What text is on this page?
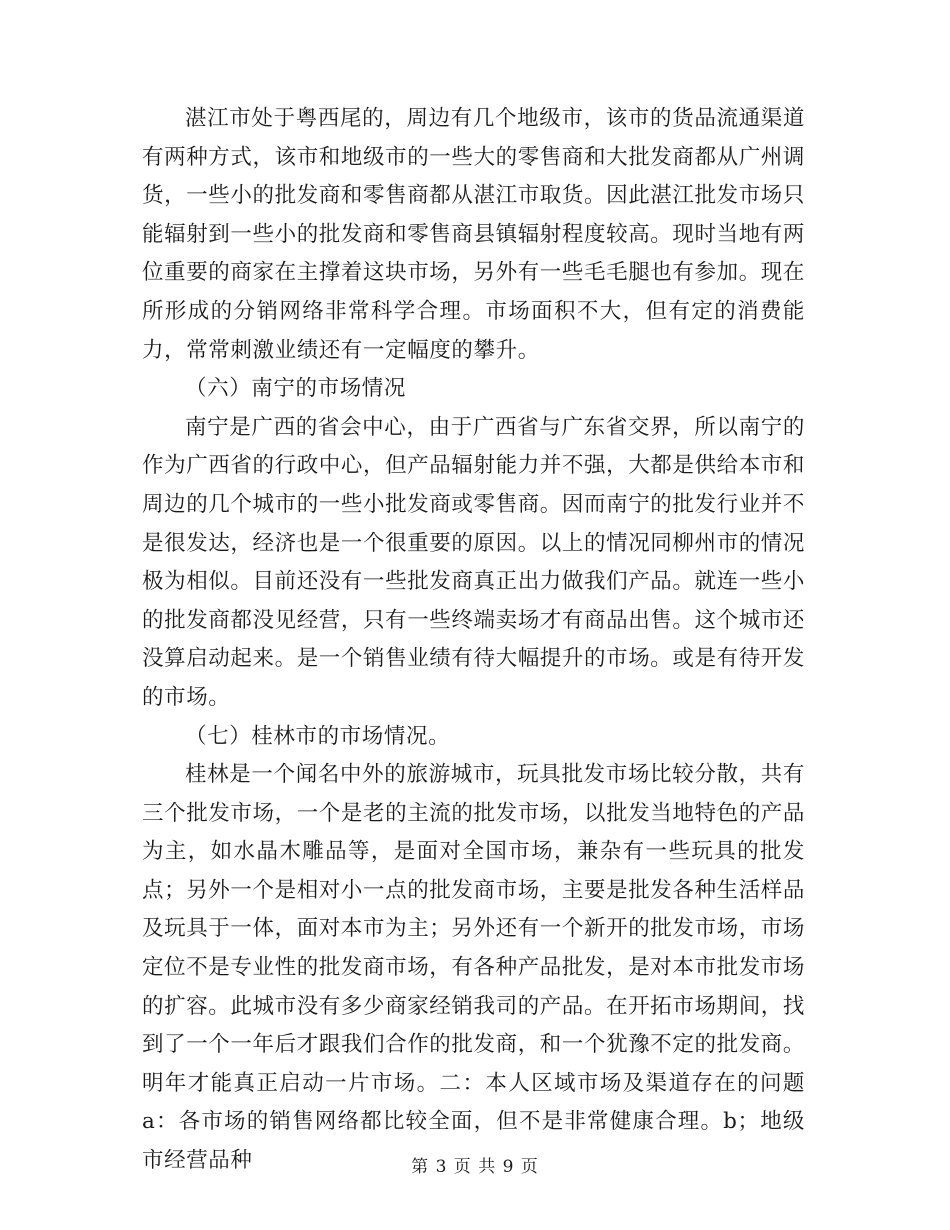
湛江市处于粤西尾的，周边有几个地级市，该市的货品流通渠道有两种方式，该市和地级市的一些大的零售商和大批发商都从广州调货，一些小的批发商和零售商都从湛江市取货。因此湛江批发市场只能辐射到一些小的批发商和零售商县镇辐射程度较高。现时当地有两位重要的商家在主撑着这块市场，另外有一些毛毛腿也有参加。现在所形成的分销网络非常科学合理。市场面积不大，但有定的消费能力，常常刺激业绩还有一定幅度的攀升。

（六）南宁的市场情况

南宁是广西的省会中心，由于广西省与广东省交界，所以南宁的作为广西省的行政中心，但产品辐射能力并不强，大都是供给本市和周边的几个城市的一些小批发商或零售商。因而南宁的批发行业并不是很发达，经济也是一个很重要的原因。以上的情况同柳州市的情况极为相似。目前还没有一些批发商真正出力做我们产品。就连一些小的批发商都没见经营，只有一些终端卖场才有商品出售。这个城市还没算启动起来。是一个销售业绩有待大幅提升的市场。或是有待开发的市场。

（七）桂林市的市场情况。

桂林是一个闻名中外的旅游城市，玩具批发市场比较分散，共有三个批发市场，一个是老的主流的批发市场，以批发当地特色的产品为主，如水晶木雕品等，是面对全国市场，兼杂有一些玩具的批发点；另外一个是相对小一点的批发商市场，主要是批发各种生活样品及玩具于一体，面对本市为主；另外还有一个新开的批发市场，市场定位不是专业性的批发商市场，有各种产品批发，是对本市批发市场的扩容。此城市没有多少商家经销我司的产品。在开拓市场期间，找到了一个一年后才跟我们合作的批发商，和一个犹豫不定的批发商。明年才能真正启动一片市场。二：本人区域市场及渠道存在的问题a：各市场的销售网络都比较全面，但不是非常健康合理。b；地级市经营品种	第 3 页 共 9 页
